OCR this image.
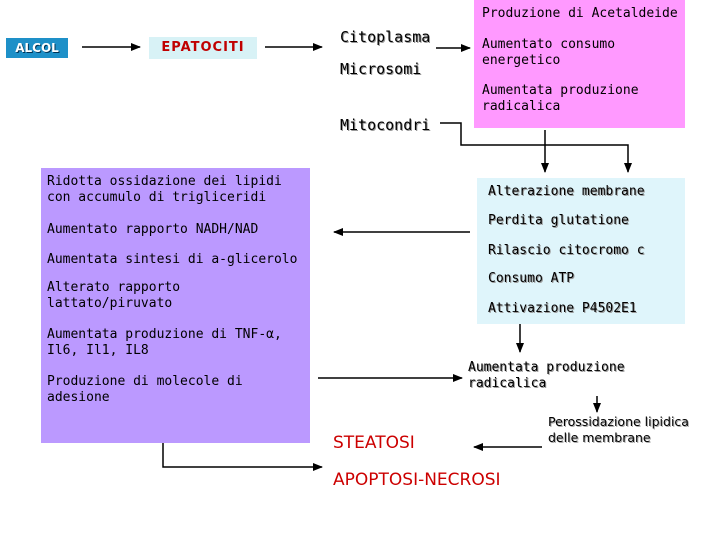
ALCOL	EPATOCITI
Citoplasma
Microsomi
Mitocondri
Produzione di Acetaldeide
Aumentato consumo energetico
Aumentata produzione radicalica
Alterazione membrane
Perdita glutatione
Rilascio citocromo c
Consumo ATP
Attivazione P4502E1
Ridotta ossidazione dei lipidi con accumulo di trigliceridi
Aumentato rapporto NADH/NAD
Aumentata sintesi di a-glicerolo
Alterato rapporto lattato/piruvato
Aumentata produzione di TNF-α, Il6, Il1, IL8
Produzione di molecole di adesione
Aumentata produzione radicalica
Perossidazione lipidica delle membrane
STEATOSI
APOPTOSI-NECROSI
